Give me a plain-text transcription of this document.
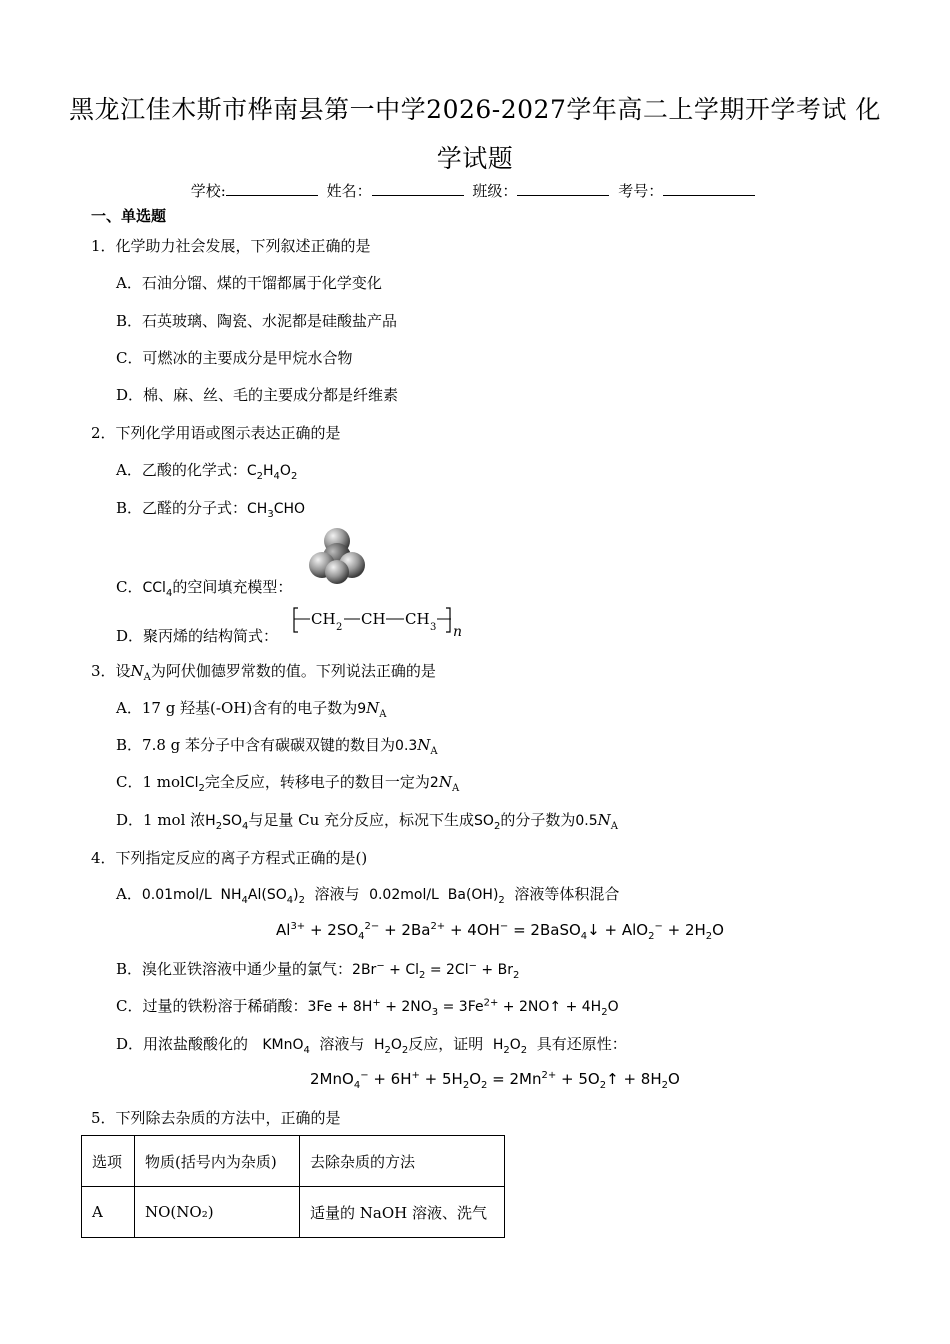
黑龙江佳木斯市桦南县第一中学2026-2027学年高二上学期开学考试 化
学试题
学校:	姓名：	班级：	考号：
一、单选题
1．化学助力社会发展，下列叙述正确的是
A．石油分馏、煤的干馏都属于化学变化
B．石英玻璃、陶瓷、水泥都是硅酸盐产品
C．可燃冰的主要成分是甲烷水合物
D．棉、麻、丝、毛的主要成分都是纤维素
2．下列化学用语或图示表达正确的是
A．乙酸的化学式：$C_2H_4O_2$
B．乙醛的分子式：$CH_3CHO$
C．CCl$_4$的空间填充模型：
D．聚丙烯的结构简式：
CH 2 CH CH 3 n
3．设$N_A$为阿伏伽德罗常数的值。下列说法正确的是
A．17 g 羟基(-OH)含有的电子数为$9N_A$
B．7.8 g 苯分子中含有碳碳双键的数目为$0.3N_A$
C．1 molCl$_2$完全反应，转移电子的数目一定为$2N_A$
D．1 mol 浓$H_2SO_4$与足量 Cu 充分反应，标况下生成$SO_2$的分子数为$0.5N_A$
4．下列指定反应的离子方程式正确的是()
A．0.01mol/L  $NH_4Al(SO_4)_2$ 溶液与 0.02mol/L  $Ba(OH)_2$ 溶液等体积混合
$Al^{3+} + 2SO_4^{2-} + 2Ba^{2+} + 4OH^-$ = 2BaSO$_4$↓ + $AlO_2^- + 2H_2O$
B．溴化亚铁溶液中通少量的氯气：$2Br^- + Cl_2 = 2Cl^- + Br_2$
C．过量的铁粉溶于稀硝酸：$3Fe + 8H^+ + 2NO_3 = 3Fe^{2+}$ + 2NO↑ + $4H_2O$
D．用浓盐酸酸化的 KMnO$_4$ 溶液与 $H_2O_2$反应，证明 $H_2O_2$ 具有还原性：
$2MnO_4^- + 6H^+ + 5H_2O_2 = 2Mn^{2+}$ + $5O_2↑ + 8H_2O$
5．下列除去杂质的方法中，正确的是
选项	物质(括号内为杂质)	去除杂质的方法
A	NO(NO₂)	适量的 NaOH 溶液、洗气
